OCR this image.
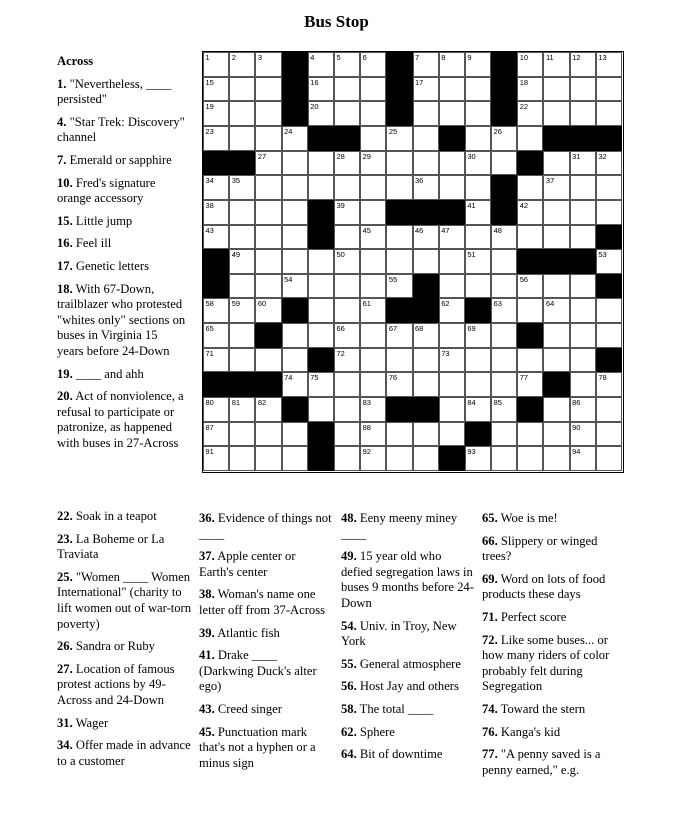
Bus Stop
1	2	3	4	5	6	7	8	9	10 11 12 13
15	16	17	18
19	20	22
23	24	25	26
27	28 29	30	31 32
34 35	36	37
38	39	41	42
43	45	46 47	48
49	50	51	53
54	55	56
58 59 60	61	62	63	64
65	66	67 68	69
71	72	73
74 75	76	77	78
80 81 82	83	84 85	86
87	88	90
91	92	93	94
Across
1. "Nevertheless, ____ persisted"
4. "Star Trek: Discovery" channel
7. Emerald or sapphire
10. Fred's signature orange accessory
15. Little jump
16. Feel ill
17. Genetic letters
18. With 67-Down, trailblazer who protested "whites only" sections on buses in Virginia 15 years before 24-Down
19. ____ and ahh
20. Act of nonviolence, a refusal to participate or patronize, as happened with buses in 27-Across
22. Soak in a teapot
23. La Boheme or La Traviata
25. "Women ____ Women International" (charity to lift women out of war-torn poverty)
26. Sandra or Ruby
27. Location of famous protest actions by 49-Across and 24-Down
31. Wager
34. Offer made in advance to a customer
36. Evidence of things not ____
37. Apple center or Earth's center
38. Woman's name one letter off from 37-Across
39. Atlantic fish
41. Drake ____ (Darkwing Duck's alter ego)
43. Creed singer
45. Punctuation mark that's not a hyphen or a minus sign
48. Eeny meeny miney ____
49. 15 year old who defied segregation laws in buses 9 months before 24-Down
54. Univ. in Troy, New York
55. General atmosphere
56. Host Jay and others
58. The total ____
62. Sphere
64. Bit of downtime
65. Woe is me!
66. Slippery or winged trees?
69. Word on lots of food products these days
71. Perfect score
72. Like some buses... or how many riders of color probably felt during Segregation
74. Toward the stern
76. Kanga's kid
77. "A penny saved is a penny earned," e.g.
